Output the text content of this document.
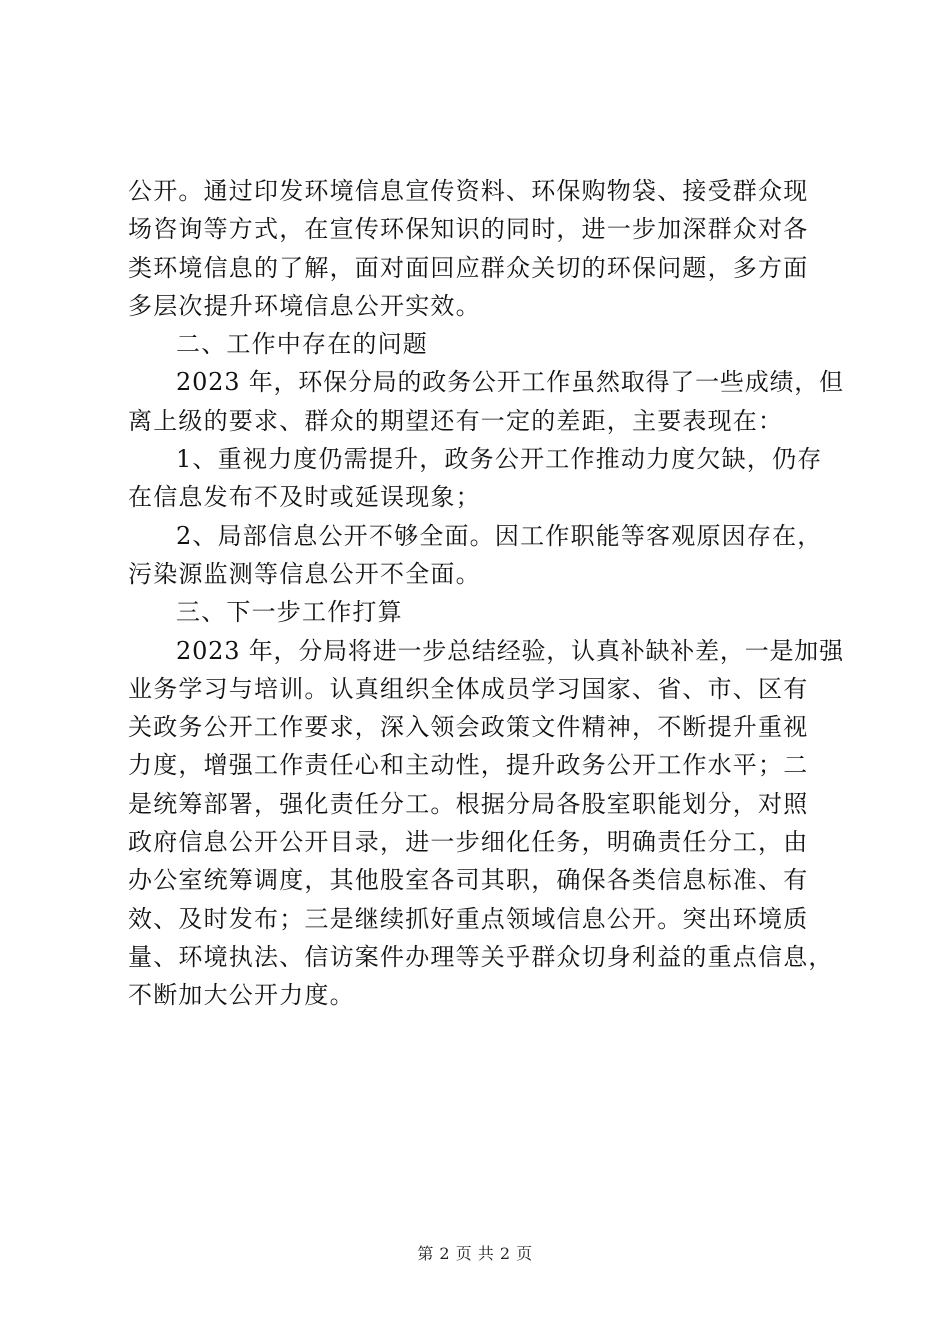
公开。通过印发环境信息宣传资料、环保购物袋、接受群众现
场咨询等方式，在宣传环保知识的同时，进一步加深群众对各
类环境信息的了解，面对面回应群众关切的环保问题，多方面
多层次提升环境信息公开实效。
二、工作中存在的问题
2023 年，环保分局的政务公开工作虽然取得了一些成绩，但
离上级的要求、群众的期望还有一定的差距，主要表现在：
1、重视力度仍需提升，政务公开工作推动力度欠缺，仍存
在信息发布不及时或延误现象；
2、局部信息公开不够全面。因工作职能等客观原因存在，
污染源监测等信息公开不全面。
三、下一步工作打算
2023 年，分局将进一步总结经验，认真补缺补差，一是加强
业务学习与培训。认真组织全体成员学习国家、省、市、区有
关政务公开工作要求，深入领会政策文件精神，不断提升重视
力度，增强工作责任心和主动性，提升政务公开工作水平；二
是统筹部署，强化责任分工。根据分局各股室职能划分，对照
政府信息公开公开目录，进一步细化任务，明确责任分工，由
办公室统筹调度，其他股室各司其职，确保各类信息标准、有
效、及时发布；三是继续抓好重点领域信息公开。突出环境质
量、环境执法、信访案件办理等关乎群众切身利益的重点信息，
不断加大公开力度。
第 2 页 共 2 页
